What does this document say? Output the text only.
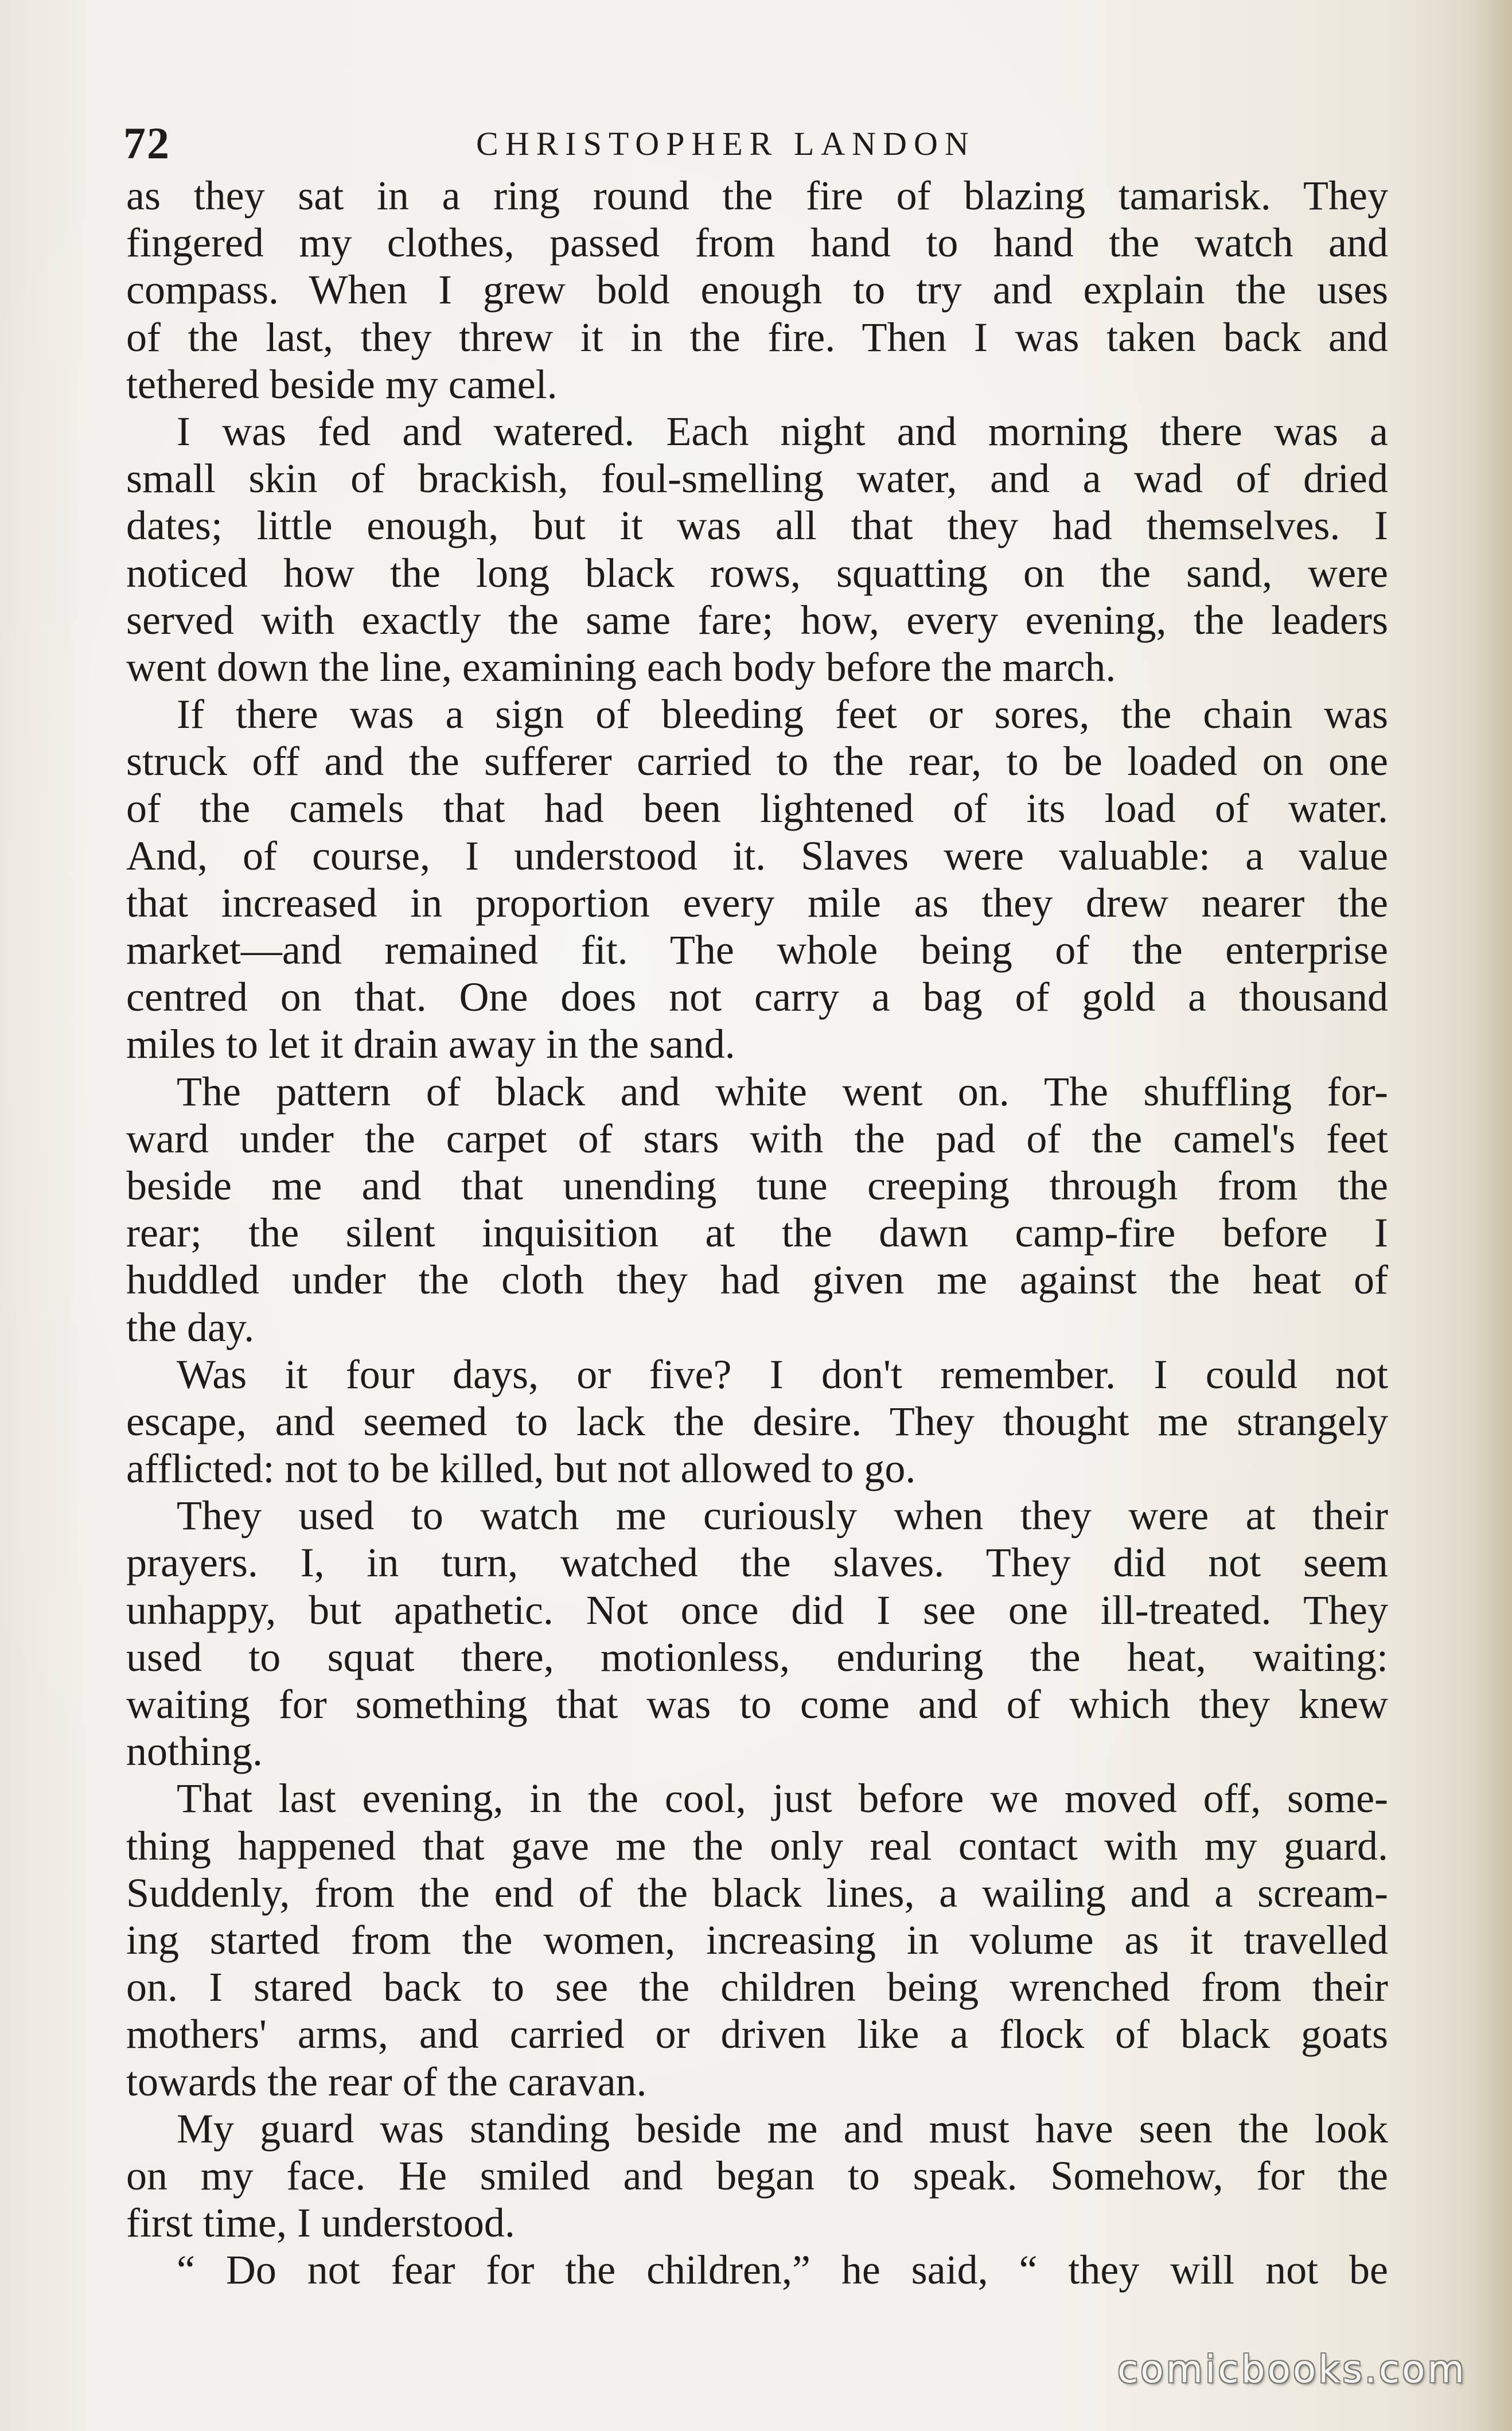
72	CHRISTOPHER LANDON
as they sat in a ring round the fire of blazing tamarisk. They
fingered my clothes, passed from hand to hand the watch and
compass. When I grew bold enough to try and explain the uses
of the last, they threw it in the fire. Then I was taken back and
tethered beside my camel.
I was fed and watered. Each night and morning there was a
small skin of brackish, foul-smelling water, and a wad of dried
dates; little enough, but it was all that they had themselves. I
noticed how the long black rows, squatting on the sand, were
served with exactly the same fare; how, every evening, the leaders
went down the line, examining each body before the march.
If there was a sign of bleeding feet or sores, the chain was
struck off and the sufferer carried to the rear, to be loaded on one
of the camels that had been lightened of its load of water.
And, of course, I understood it. Slaves were valuable: a value
that increased in proportion every mile as they drew nearer the
market—and remained fit. The whole being of the enterprise
centred on that. One does not carry a bag of gold a thousand
miles to let it drain away in the sand.
The pattern of black and white went on. The shuffling for-
ward under the carpet of stars with the pad of the camel's feet
beside me and that unending tune creeping through from the
rear; the silent inquisition at the dawn camp-fire before I
huddled under the cloth they had given me against the heat of
the day.
Was it four days, or five? I don't remember. I could not
escape, and seemed to lack the desire. They thought me strangely
afflicted: not to be killed, but not allowed to go.
They used to watch me curiously when they were at their
prayers. I, in turn, watched the slaves. They did not seem
unhappy, but apathetic. Not once did I see one ill-treated. They
used to squat there, motionless, enduring the heat, waiting:
waiting for something that was to come and of which they knew
nothing.
That last evening, in the cool, just before we moved off, some-
thing happened that gave me the only real contact with my guard.
Suddenly, from the end of the black lines, a wailing and a scream-
ing started from the women, increasing in volume as it travelled
on. I stared back to see the children being wrenched from their
mothers' arms, and carried or driven like a flock of black goats
towards the rear of the caravan.
My guard was standing beside me and must have seen the look
on my face. He smiled and began to speak. Somehow, for the
first time, I understood.
“ Do not fear for the children,” he said, “ they will not be
comicbooks.com
